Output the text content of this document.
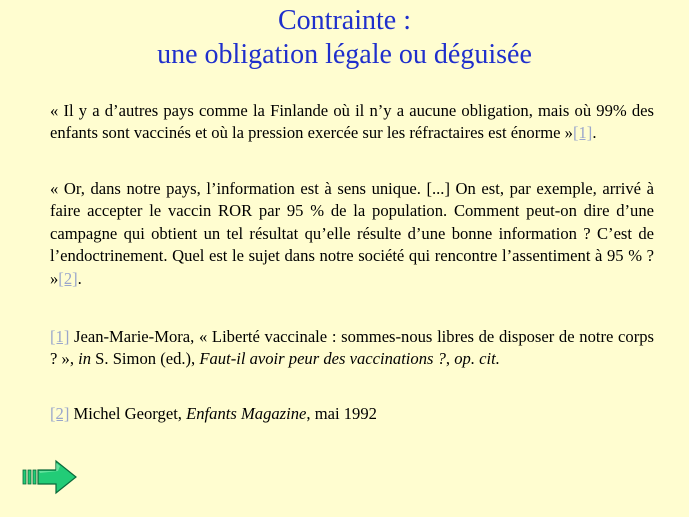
Contrainte :
une obligation légale ou déguisée
« Il y a d’autres pays comme la Finlande où il n’y a aucune obligation, mais où 99% des enfants sont vaccinés et où la pression exercée sur les réfractaires est énorme »[1].
« Or, dans notre pays, l’information est à sens unique. [...] On est, par exemple, arrivé à faire accepter le vaccin ROR par 95 % de la population. Comment peut-on dire d’une campagne qui obtient un tel résultat qu’elle résulte d’une bonne information ? C’est de l’endoctrinement. Quel est le sujet dans notre société qui rencontre l’assentiment à 95 % ? »[2].
[1] Jean-Marie-Mora, « Liberté vaccinale : sommes-nous libres de disposer de notre corps ? », in S. Simon (ed.), Faut-il avoir peur des vaccinations ?, op. cit.
[2] Michel Georget, Enfants Magazine, mai 1992
